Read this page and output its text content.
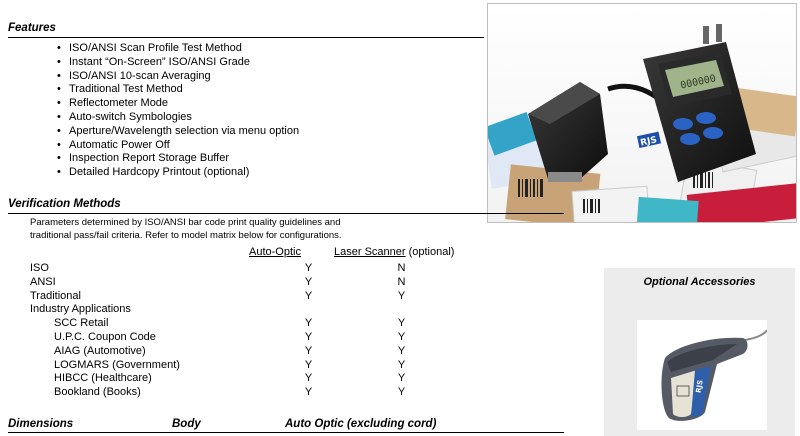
Features
• ISO/ANSI Scan Profile Test Method
• Instant “On-Screen” ISO/ANSI Grade
• ISO/ANSI 10-scan Averaging
• Traditional Test Method
• Reflectometer Mode
• Auto-switch Symbologies
• Aperture/Wavelength selection via menu option
• Automatic Power Off
• Inspection Report Storage Buffer
• Detailed Hardcopy Printout (optional)
000000
RJS
Verification Methods
Parameters determined by ISO/ANSI bar code print quality guidelines and
traditional pass/fail criteria. Refer to model matrix below for configurations.
Auto-Optic	Laser Scanner (optional)
ISO	Y	N
ANSI	Y	N
Traditional	Y	Y
Industry Applications		
SCC Retail	Y	Y
U.P.C. Coupon Code	Y	Y
AIAG (Automotive)	Y	Y
LOGMARS (Government)	Y	Y
HIBCC (Healthcare)	Y	Y
Bookland (Books)	Y	Y
Dimensions	Body	Auto Optic (excluding cord)
Optional Accessories
RJS
